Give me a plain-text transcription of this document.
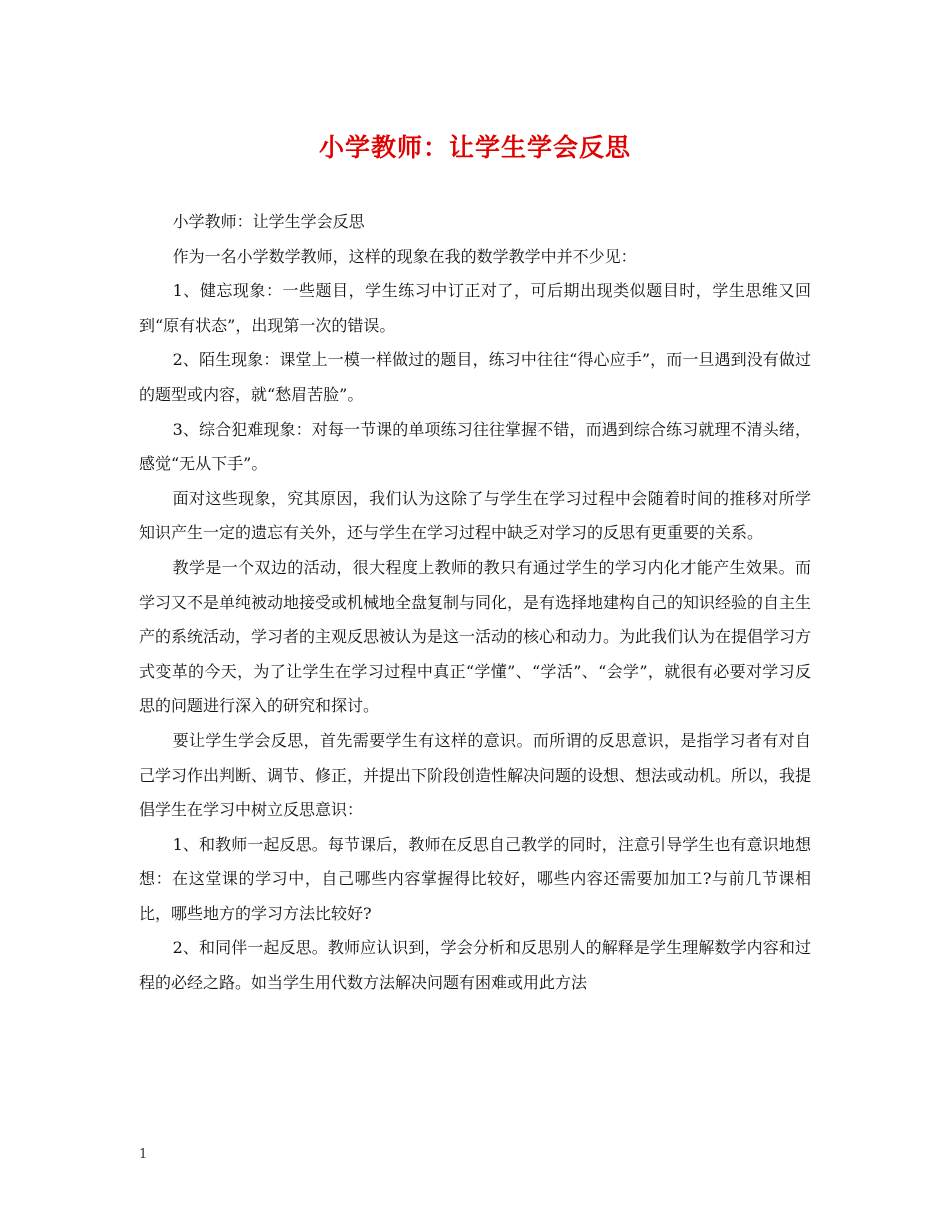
小学教师：让学生学会反思

小学教师：让学生学会反思

作为一名小学数学教师，这样的现象在我的数学教学中并不少见：

1、健忘现象：一些题目，学生练习中订正对了，可后期出现类似题目时，学生思维又回到“原有状态”，出现第一次的错误。

2、陌生现象：课堂上一模一样做过的题目，练习中往往“得心应手”，而一旦遇到没有做过的题型或内容，就“愁眉苦脸”。

3、综合犯难现象：对每一节课的单项练习往往掌握不错，而遇到综合练习就理不清头绪，感觉“无从下手”。

面对这些现象，究其原因，我们认为这除了与学生在学习过程中会随着时间的推移对所学知识产生一定的遗忘有关外，还与学生在学习过程中缺乏对学习的反思有更重要的关系。

教学是一个双边的活动，很大程度上教师的教只有通过学生的学习内化才能产生效果。而学习又不是单纯被动地接受或机械地全盘复制与同化，是有选择地建构自己的知识经验的自主生产的系统活动，学习者的主观反思被认为是这一活动的核心和动力。为此我们认为在提倡学习方式变革的今天，为了让学生在学习过程中真正“学懂”、“学活”、“会学”，就很有必要对学习反思的问题进行深入的研究和探讨。

要让学生学会反思，首先需要学生有这样的意识。而所谓的反思意识，是指学习者有对自己学习作出判断、调节、修正，并提出下阶段创造性解决问题的设想、想法或动机。所以，我提倡学生在学习中树立反思意识：

1、和教师一起反思。每节课后，教师在反思自己教学的同时，注意引导学生也有意识地想想：在这堂课的学习中，自己哪些内容掌握得比较好，哪些内容还需要加加工?与前几节课相比，哪些地方的学习方法比较好?

2、和同伴一起反思。教师应认识到，学会分析和反思别人的解释是学生理解数学内容和过程的必经之路。如当学生用代数方法解决问题有困难或用此方法

1
